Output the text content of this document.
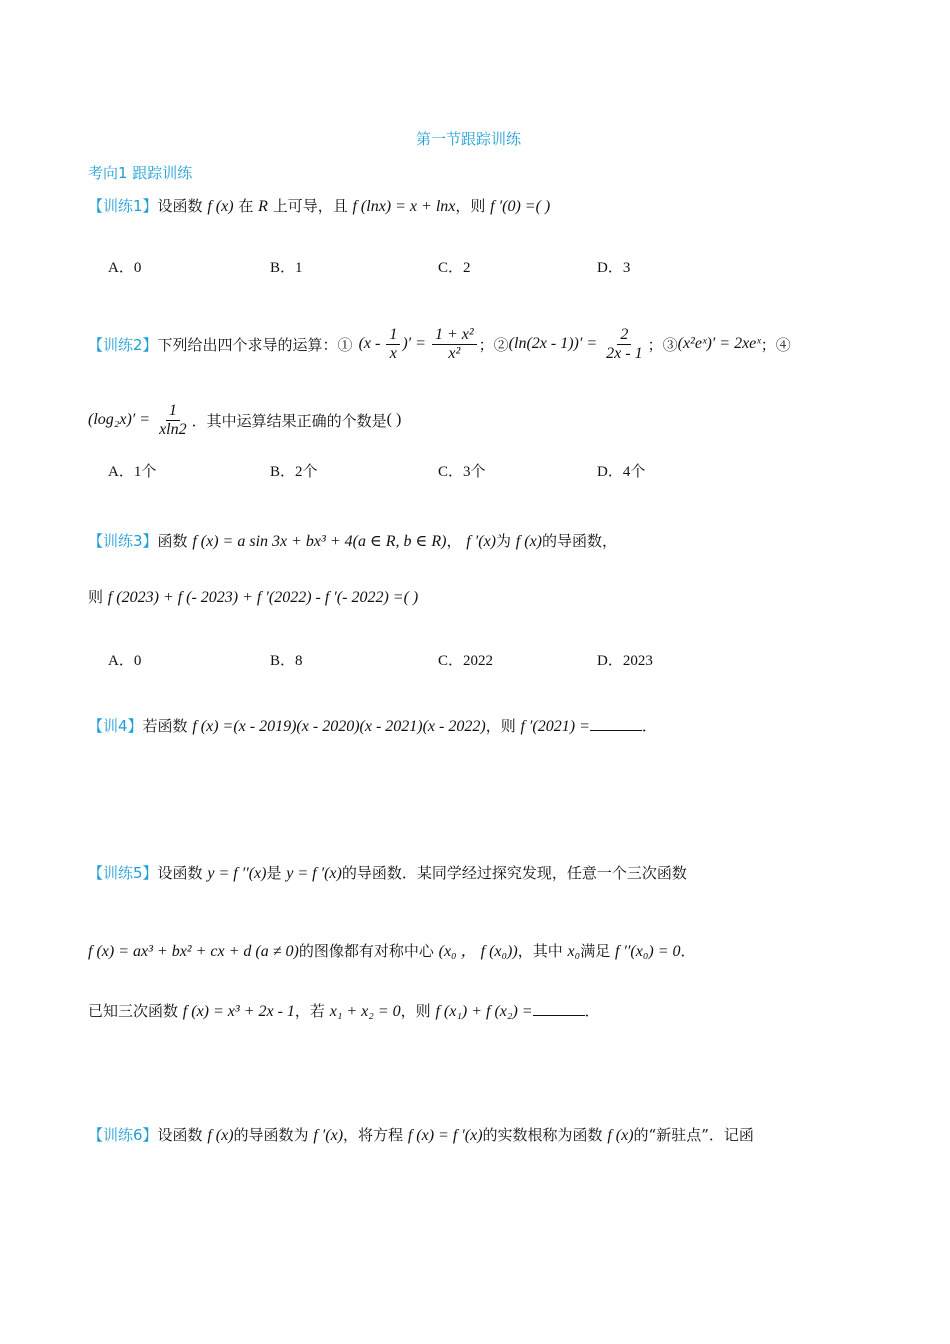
第一节跟踪训练
考向1 跟踪训练
【训练1】设函数 f (x) 在 R 上可导，且 f (lnx) = x + lnx，则 f ′(0) =( )
A．0	B．1	C．2	D．3
【训练2】 下列给出四个求导的运算：① ($x - \frac{1}{x}$ )′ = $\frac{\text{1 + x²}}{\text{x²}}$ ；② $(\ln(2x - 1))' = \frac{2}{2x - 1}$ ；③ (x²eˣ)′ = 2xeˣ ；④
$(\log_2x)' = \frac{1}{xln2}$ ．其中运算结果正确的个数是 ( )
A．1个	B．2个	C．3个	D．4个
【训练3】函数 f (x) = a sin 3x + bx³ + 4(a ∈ R, b ∈ R)， f ′(x)为 f (x)的导函数，
则 f (2023) + f (- 2023) + f ′(2022) - f ′(- 2022) =( )
A．0	B．8	C．2022	D．2023
【训4】若函数 f (x) =(x - 2019)(x - 2020)(x - 2021)(x - 2022)，则 f ′(2021) =	．
【训练5】设函数 y = f ′′(x)是 y = f ′(x)的导函数．某同学经过探究发现，任意一个三次函数
f (x) = ax³ + bx² + cx + d (a ≠ 0)的图像都有对称中心 (x₀ ， f (x₀))，其中 x₀满足 f ′′(x₀) = 0．
已知三次函数 f (x) = x³ + 2x - 1，若 x₁ + x₂ = 0，则 f (x₁) + f (x₂) =	．
【训练6】设函数 f (x)的导函数为 f ′(x)，将方程 f (x) = f ′(x)的实数根称为函数 f (x)的“新驻点”．记函
